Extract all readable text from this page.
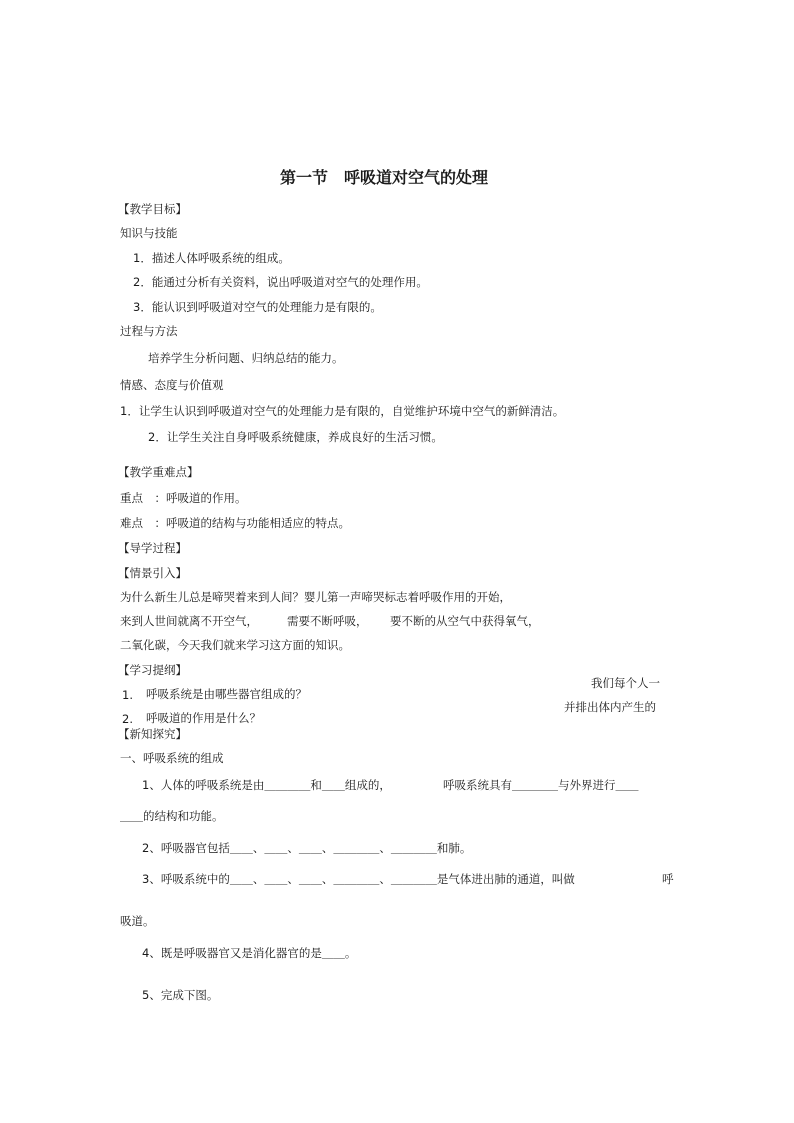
第一节　呼吸道对空气的处理
【教学目标】
知识与技能
1．描述人体呼吸系统的组成。
2．能通过分析有关资料，说出呼吸道对空气的处理作用。
3．能认识到呼吸道对空气的处理能力是有限的。
过程与方法
培养学生分析问题、归纳总结的能力。
情感、态度与价值观
1．让学生认识到呼吸道对空气的处理能力是有限的，自觉维护环境中空气的新鲜清洁。
2．让学生关注自身呼吸系统健康，养成良好的生活习惯。
【教学重难点】
重点　：呼吸道的作用。
难点　：呼吸道的结构与功能相适应的特点。
【导学过程】
【情景引入】
为什么新生儿总是啼哭着来到人间？婴儿第一声啼哭标志着呼吸作用的开始，
来到人世间就离不开空气，	需要不断呼吸， 要不断的从空气中获得氧气，
二氧化碳，今天我们就来学习这方面的知识。
【学习提纲】
我们每个人一
1. 呼吸系统是由哪些器官组成的？
并排出体内产生的
2. 呼吸道的作用是什么？
【新知探究】
一、呼吸系统的组成
1、人体的呼吸系统是由＿＿＿＿和＿＿组成的，	呼吸系统具有＿＿＿＿与外界进行＿＿
＿＿的结构和功能。
2、呼吸器官包括＿＿、＿＿、＿＿、＿＿＿＿、＿＿＿＿和肺。
3、呼吸系统中的＿＿、＿＿、＿＿、＿＿＿＿、＿＿＿＿是气体进出肺的通道，叫做	呼
吸道。
4、既是呼吸器官又是消化器官的是＿＿。
5、完成下图。
